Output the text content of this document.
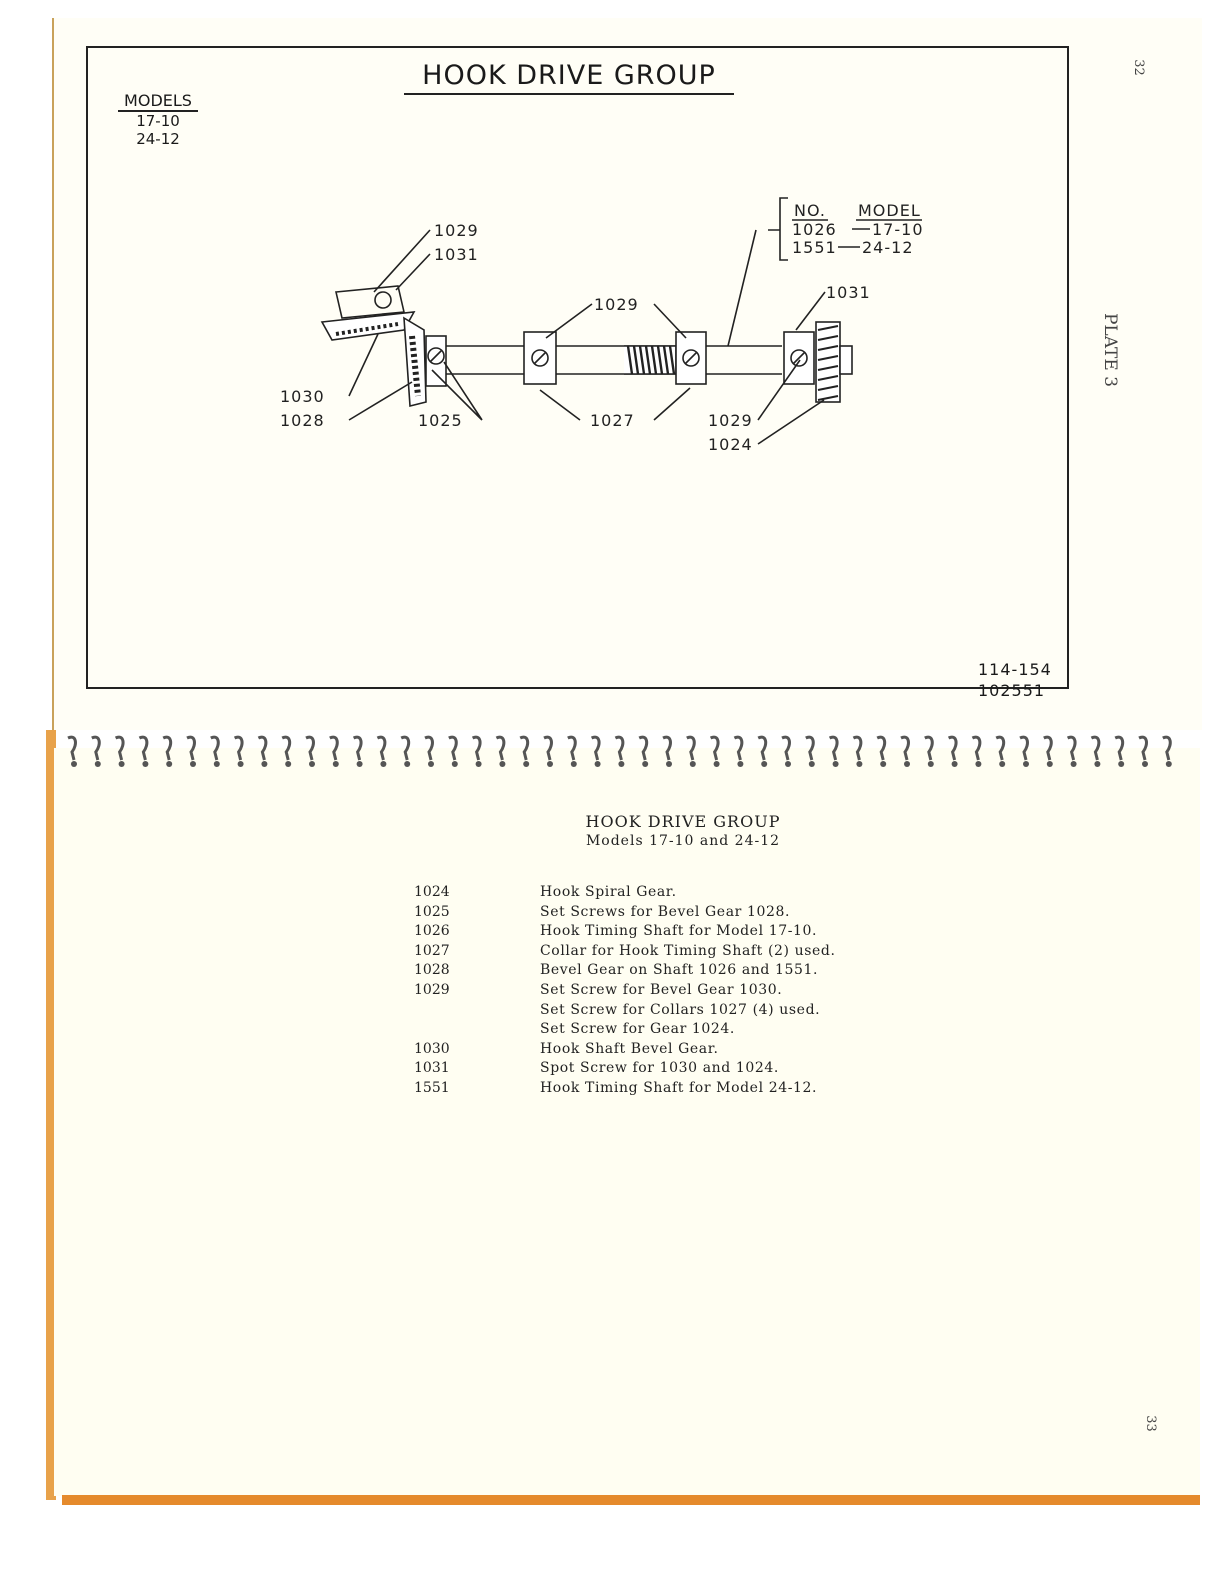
HOOK DRIVE GROUP
MODELS
17-10
24-12
114-154
102551
32
PLATE 3
33
1029
1031
1029
1031
1030
1028	1025	1027	1029
1024
NO. MODEL
1026 17-10
1551 24-12
HOOK DRIVE GROUP
Models 17-10 and 24-12
1024	Hook Spiral Gear.
1025	Set Screws for Bevel Gear 1028.
1026	Hook Timing Shaft for Model 17-10.
1027	Collar for Hook Timing Shaft (2) used.
1028	Bevel Gear on Shaft 1026 and 1551.
1029	Set Screw for Bevel Gear 1030.
Set Screw for Collars 1027 (4) used.
Set Screw for Gear 1024.
1030	Hook Shaft Bevel Gear.
1031	Spot Screw for 1030 and 1024.
1551	Hook Timing Shaft for Model 24-12.
